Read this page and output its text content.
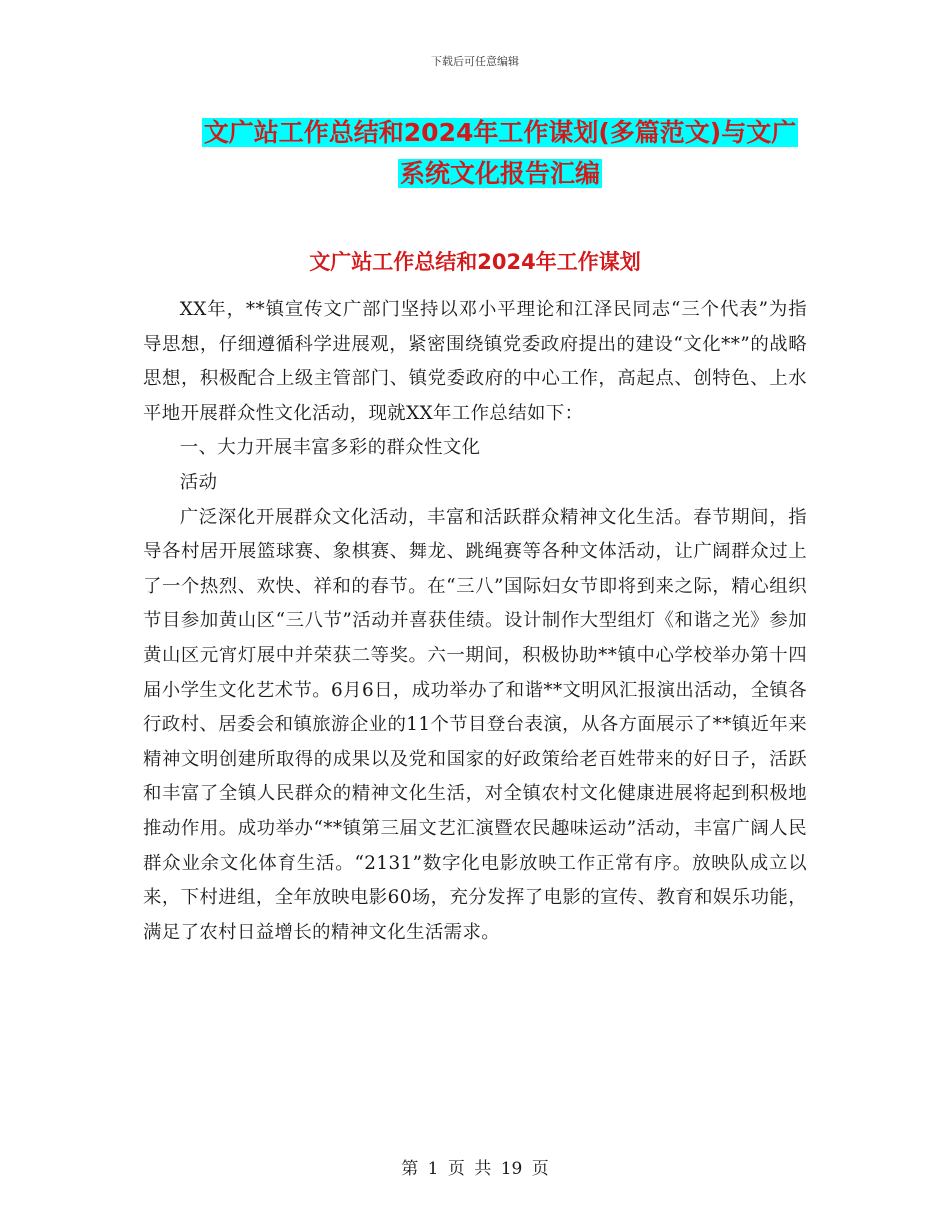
下载后可任意编辑
文广站工作总结和2024年工作谋划(多篇范文)与文广
系统文化报告汇编
文广站工作总结和2024年工作谋划

XX年，**镇宣传文广部门坚持以邓小平理论和江泽民同志“三个代表”为指导思想，仔细遵循科学进展观，紧密围绕镇党委政府提出的建设“文化**”的战略思想，积极配合上级主管部门、镇党委政府的中心工作，高起点、创特色、上水平地开展群众性文化活动，现就XX年工作总结如下：

一、大力开展丰富多彩的群众性文化

活动

广泛深化开展群众文化活动，丰富和活跃群众精神文化生活。春节期间，指导各村居开展篮球赛、象棋赛、舞龙、跳绳赛等各种文体活动，让广阔群众过上了一个热烈、欢快、祥和的春节。在“三八”国际妇女节即将到来之际，精心组织节目参加黄山区“三八节”活动并喜获佳绩。设计制作大型组灯《和谐之光》参加黄山区元宵灯展中并荣获二等奖。六一期间，积极协助**镇中心学校举办第十四届小学生文化艺术节。6月6日，成功举办了和谐**文明风汇报演出活动，全镇各行政村、居委会和镇旅游企业的11个节目登台表演，从各方面展示了**镇近年来精神文明创建所取得的成果以及党和国家的好政策给老百姓带来的好日子，活跃和丰富了全镇人民群众的精神文化生活，对全镇农村文化健康进展将起到积极地推动作用。成功举办“**镇第三届文艺汇演暨农民趣味运动”活动，丰富广阔人民群众业余文化体育生活。“2131”数字化电影放映工作正常有序。放映队成立以来，下村进组，全年放映电影60场，充分发挥了电影的宣传、教育和娱乐功能，满足了农村日益增长的精神文化生活需求。

第 1 页 共 19 页
